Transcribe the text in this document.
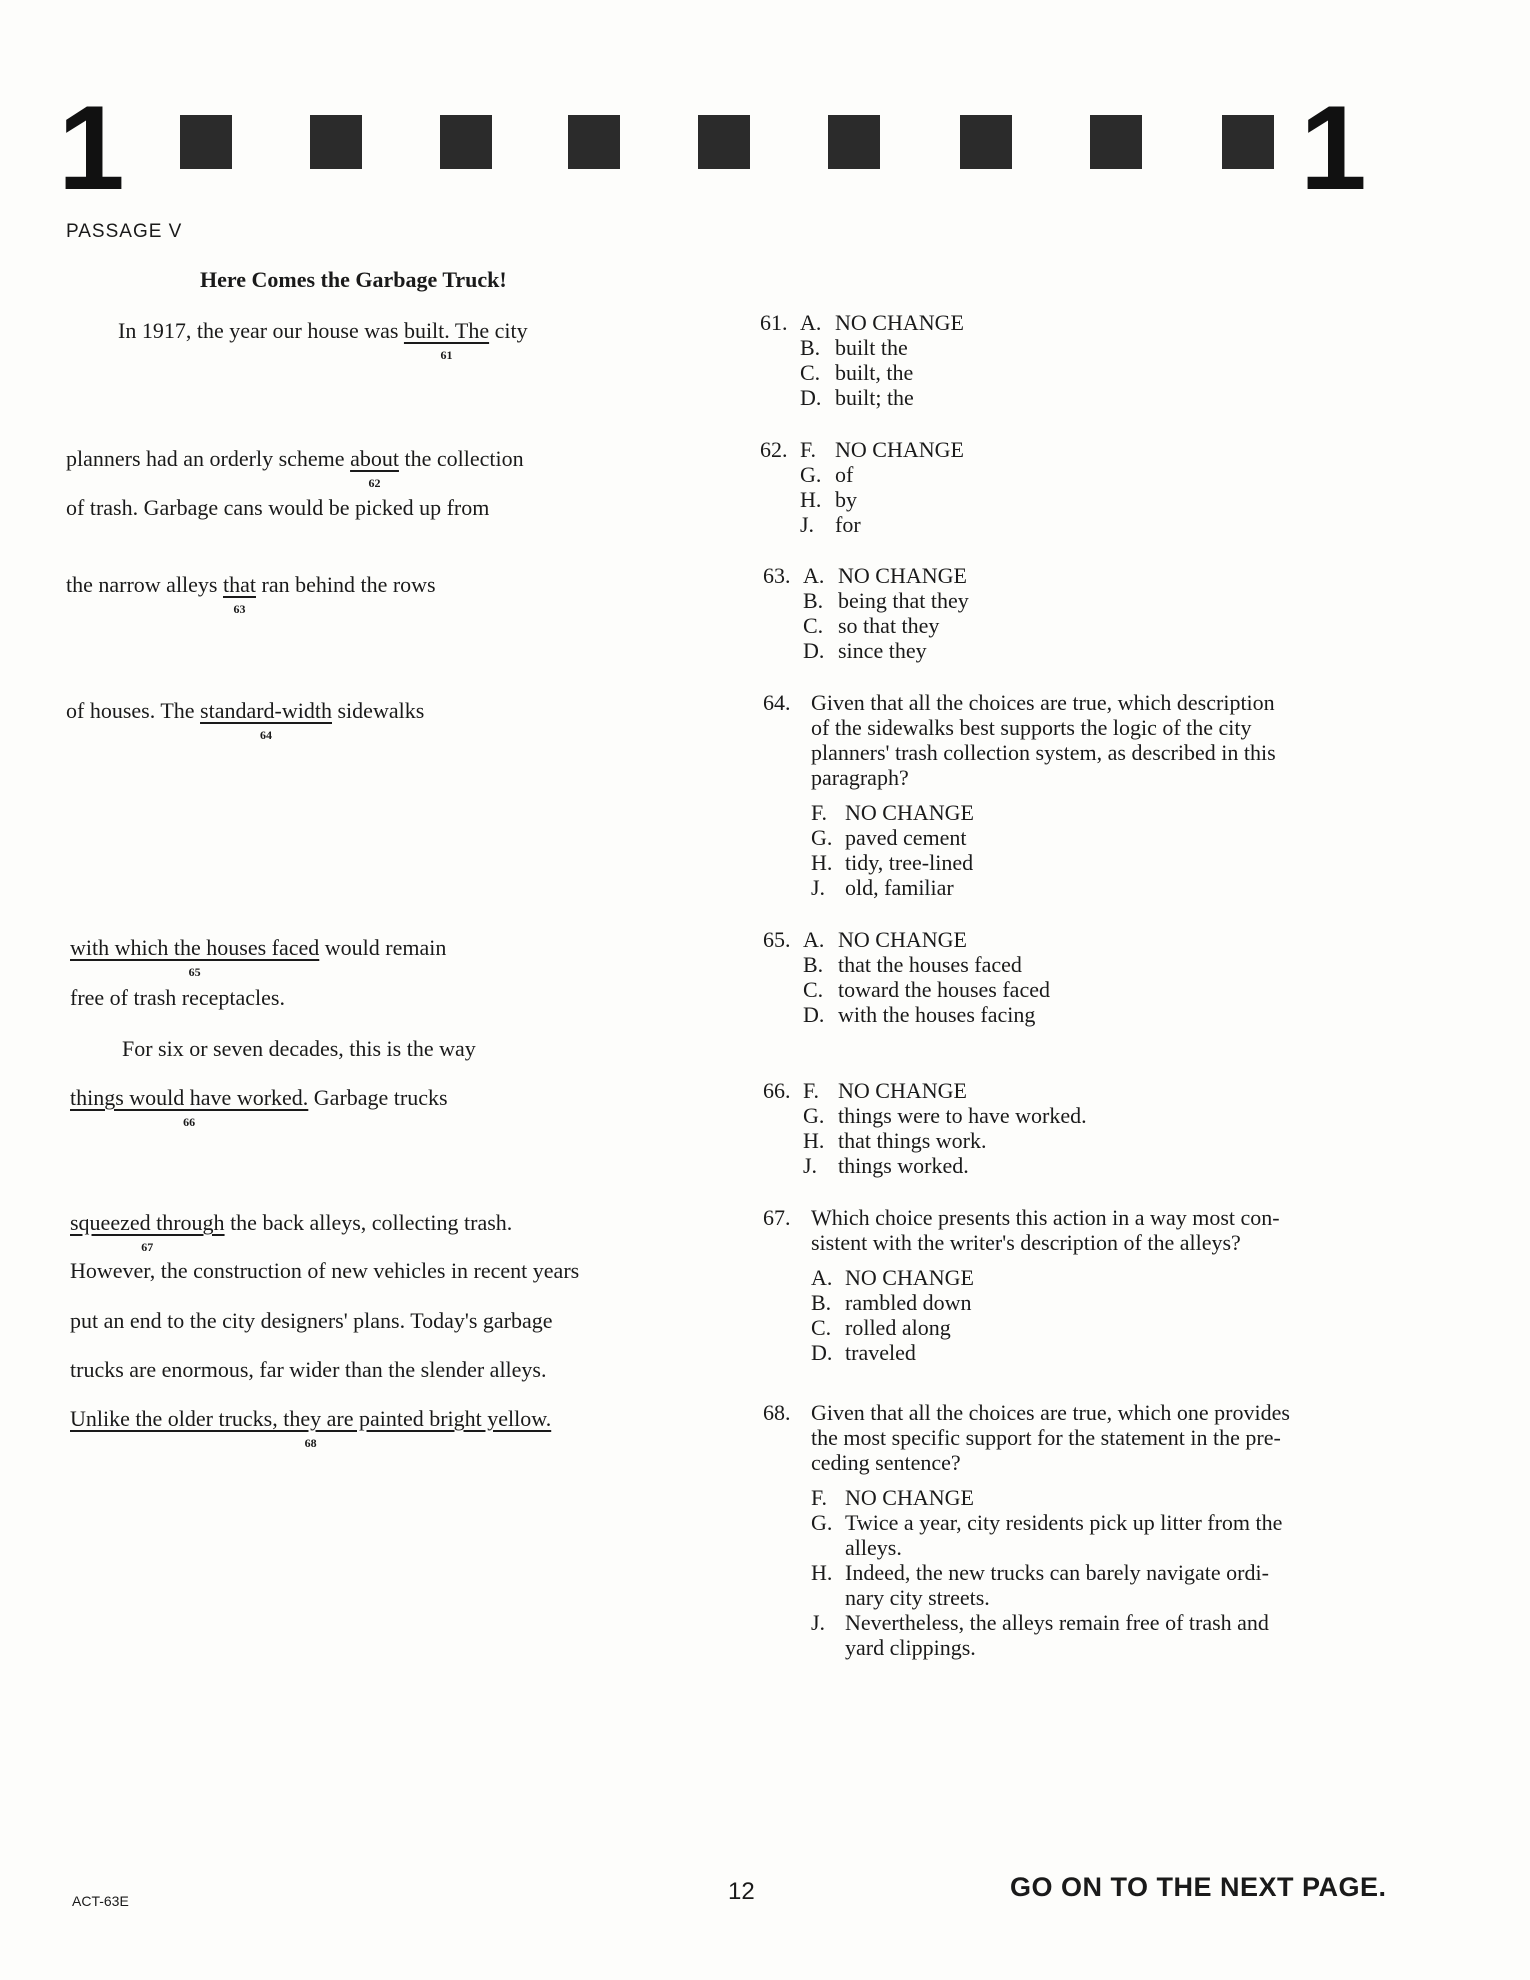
1	1
PASSAGE V
Here Comes the Garbage Truck!
In 1917, the year our house was built. The
61
city
planners had an orderly scheme about
62
the collection
of trash. Garbage cans would be picked up from
the narrow alleys that
63
ran behind the rows
of houses. The standard-width
64
sidewalks
with which the houses faced
65
would remain
free of trash receptacles.
For six or seven decades, this is the way
things would have worked.
66
Garbage trucks
squeezed through
67
the back alleys, collecting trash.
However, the construction of new vehicles in recent years
put an end to the city designers' plans. Today's garbage
trucks are enormous, far wider than the slender alleys.
Unlike the older trucks, they are painted bright yellow.
68
61. A. NO CHANGE
B. built the
C. built, the
D. built; the
62. F. NO CHANGE
G. of
H. by
J. for
63. A. NO CHANGE
B. being that they
C. so that they
D. since they
64. Given that all the choices are true, which description
of the sidewalks best supports the logic of the city
planners' trash collection system, as described in this
paragraph?
F. NO CHANGE
G. paved cement
H. tidy, tree-lined
J. old, familiar
65. A. NO CHANGE
B. that the houses faced
C. toward the houses faced
D. with the houses facing
66. F. NO CHANGE
G. things were to have worked.
H. that things work.
J. things worked.
67. Which choice presents this action in a way most con-
sistent with the writer's description of the alleys?
A. NO CHANGE
B. rambled down
C. rolled along
D. traveled
68. Given that all the choices are true, which one provides
the most specific support for the statement in the pre-
ceding sentence?
F. NO CHANGE
G. Twice a year, city residents pick up litter from the
alleys.
H. Indeed, the new trucks can barely navigate ordi-
nary city streets.
J. Nevertheless, the alleys remain free of trash and
yard clippings.
ACT-63E	12	GO ON TO THE NEXT PAGE.
